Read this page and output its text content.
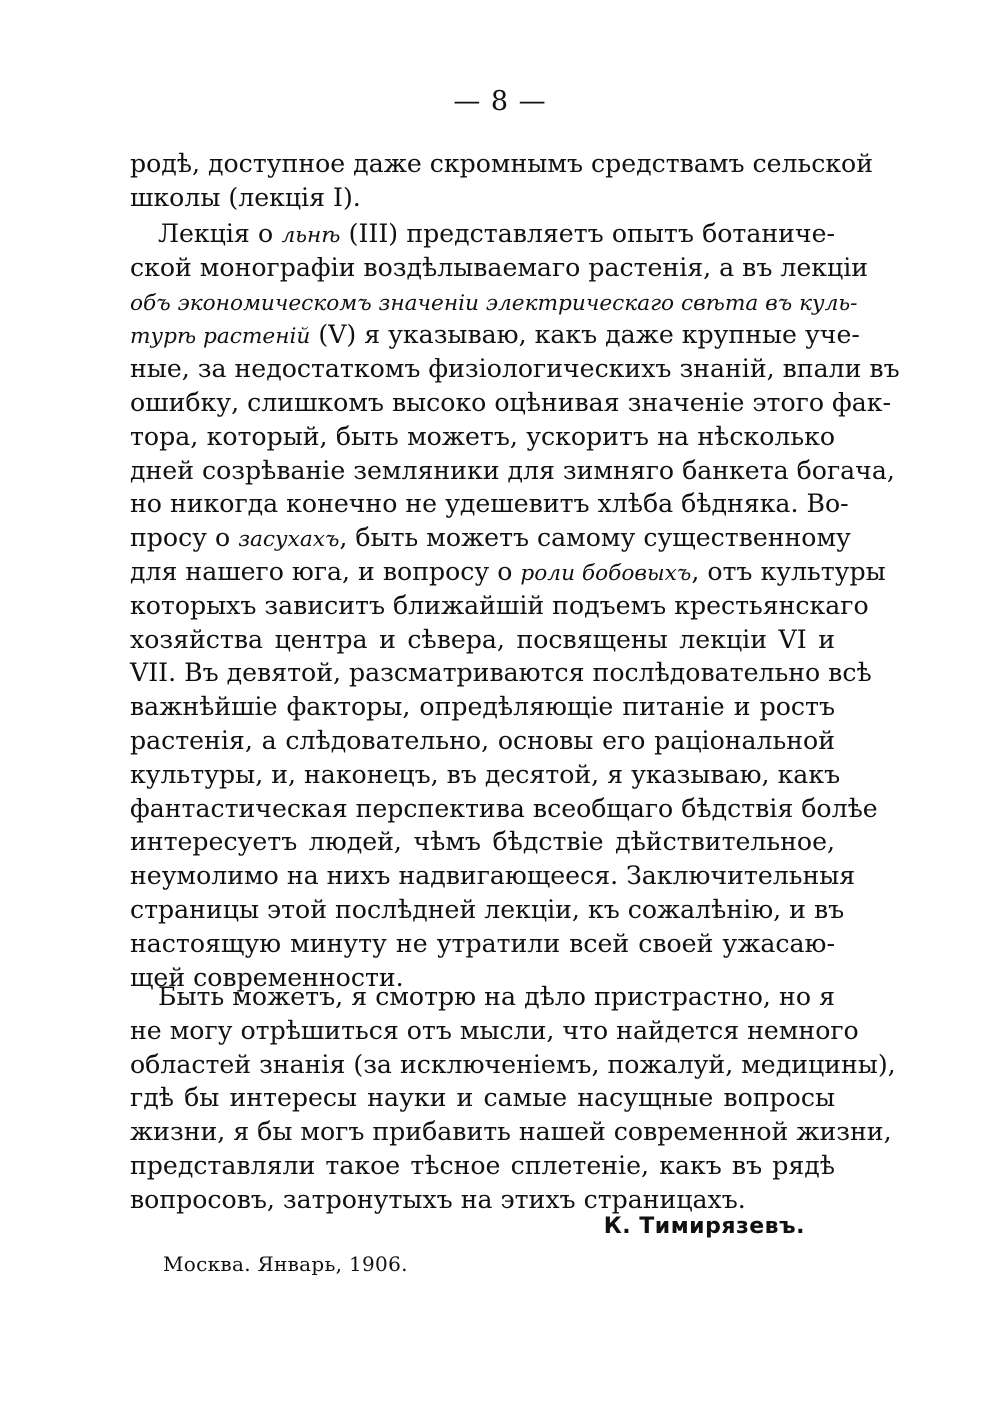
— 8 —
родѣ, доступное даже скромнымъ средствамъ сельской
школы (лекція I).
Лекція о льнѣ (III) представляетъ опытъ ботаниче-
ской монографіи воздѣлываемаго растенія, а въ лекціи
объ экономическомъ значеніи электрическаго свѣта въ куль-
турѣ растеній (V) я указываю, какъ даже крупные уче-
ные, за недостаткомъ физіологическихъ знаній, впали въ
ошибку, слишкомъ высоко оцѣнивая значеніе этого фак-
тора, который, быть можетъ, ускоритъ на нѣсколько
дней созрѣваніе земляники для зимняго банкета богача,
но никогда конечно не удешевитъ хлѣба бѣдняка. Во-
просу о засухахъ, быть можетъ самому существенному
для нашего юга, и вопросу о роли бобовыхъ, отъ культуры
которыхъ зависитъ ближайшій подъемъ крестьянскаго
хозяйства центра и сѣвера, посвящены лекціи VI и
VII. Въ девятой, разсматриваются послѣдовательно всѣ
важнѣйшіе факторы, опредѣляющіе питаніе и ростъ
растенія, а слѣдовательно, основы его раціональной
культуры, и, наконецъ, въ десятой, я указываю, какъ
фантастическая перспектива всеобщаго бѣдствія болѣе
интересуетъ людей, чѣмъ бѣдствіе дѣйствительное,
неумолимо на нихъ надвигающееся. Заключительныя
страницы этой послѣдней лекціи, къ сожалѣнію, и въ
настоящую минуту не утратили всей своей ужасаю-
щей современности.
Быть можетъ, я смотрю на дѣло пристрастно, но я
не могу отрѣшиться отъ мысли, что найдется немного
областей знанія (за исключеніемъ, пожалуй, медицины),
гдѣ бы интересы науки и самые насущные вопросы
жизни, я бы могъ прибавить нашей современной жизни,
представляли такое тѣсное сплетеніе, какъ въ рядѣ
вопросовъ, затронутыхъ на этихъ страницахъ.
К. Тимирязевъ.
Москва. Январь, 1906.
